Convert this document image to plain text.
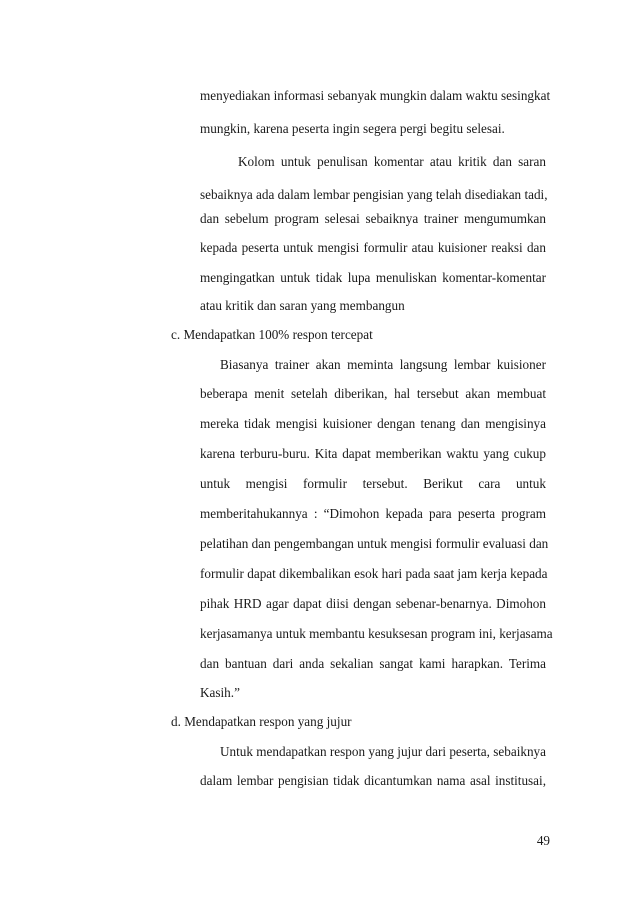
menyediakan informasi sebanyak mungkin dalam waktu sesingkat
mungkin, karena peserta ingin segera pergi begitu selesai.
Kolom untuk penulisan komentar atau kritik dan saran
sebaiknya ada dalam lembar pengisian yang telah disediakan tadi,
dan sebelum program selesai sebaiknya trainer mengumumkan
kepada peserta untuk mengisi formulir atau kuisioner reaksi dan
mengingatkan untuk tidak lupa menuliskan komentar-komentar
atau kritik dan saran yang membangun
c. Mendapatkan 100% respon tercepat
Biasanya trainer akan meminta langsung lembar kuisioner
beberapa menit setelah diberikan, hal tersebut akan membuat
mereka tidak mengisi kuisioner dengan tenang dan mengisinya
karena terburu-buru. Kita dapat memberikan waktu yang cukup
untuk mengisi formulir tersebut. Berikut cara untuk
memberitahukannya : “Dimohon kepada para peserta program
pelatihan dan pengembangan untuk mengisi formulir evaluasi dan
formulir dapat dikembalikan esok hari pada saat jam kerja kepada
pihak HRD agar dapat diisi dengan sebenar-benarnya. Dimohon
kerjasamanya untuk membantu kesuksesan program ini, kerjasama
dan bantuan dari anda sekalian sangat kami harapkan. Terima
Kasih.”
d. Mendapatkan respon yang jujur
Untuk mendapatkan respon yang jujur dari peserta, sebaiknya
dalam lembar pengisian tidak dicantumkan nama asal institusai,
49
